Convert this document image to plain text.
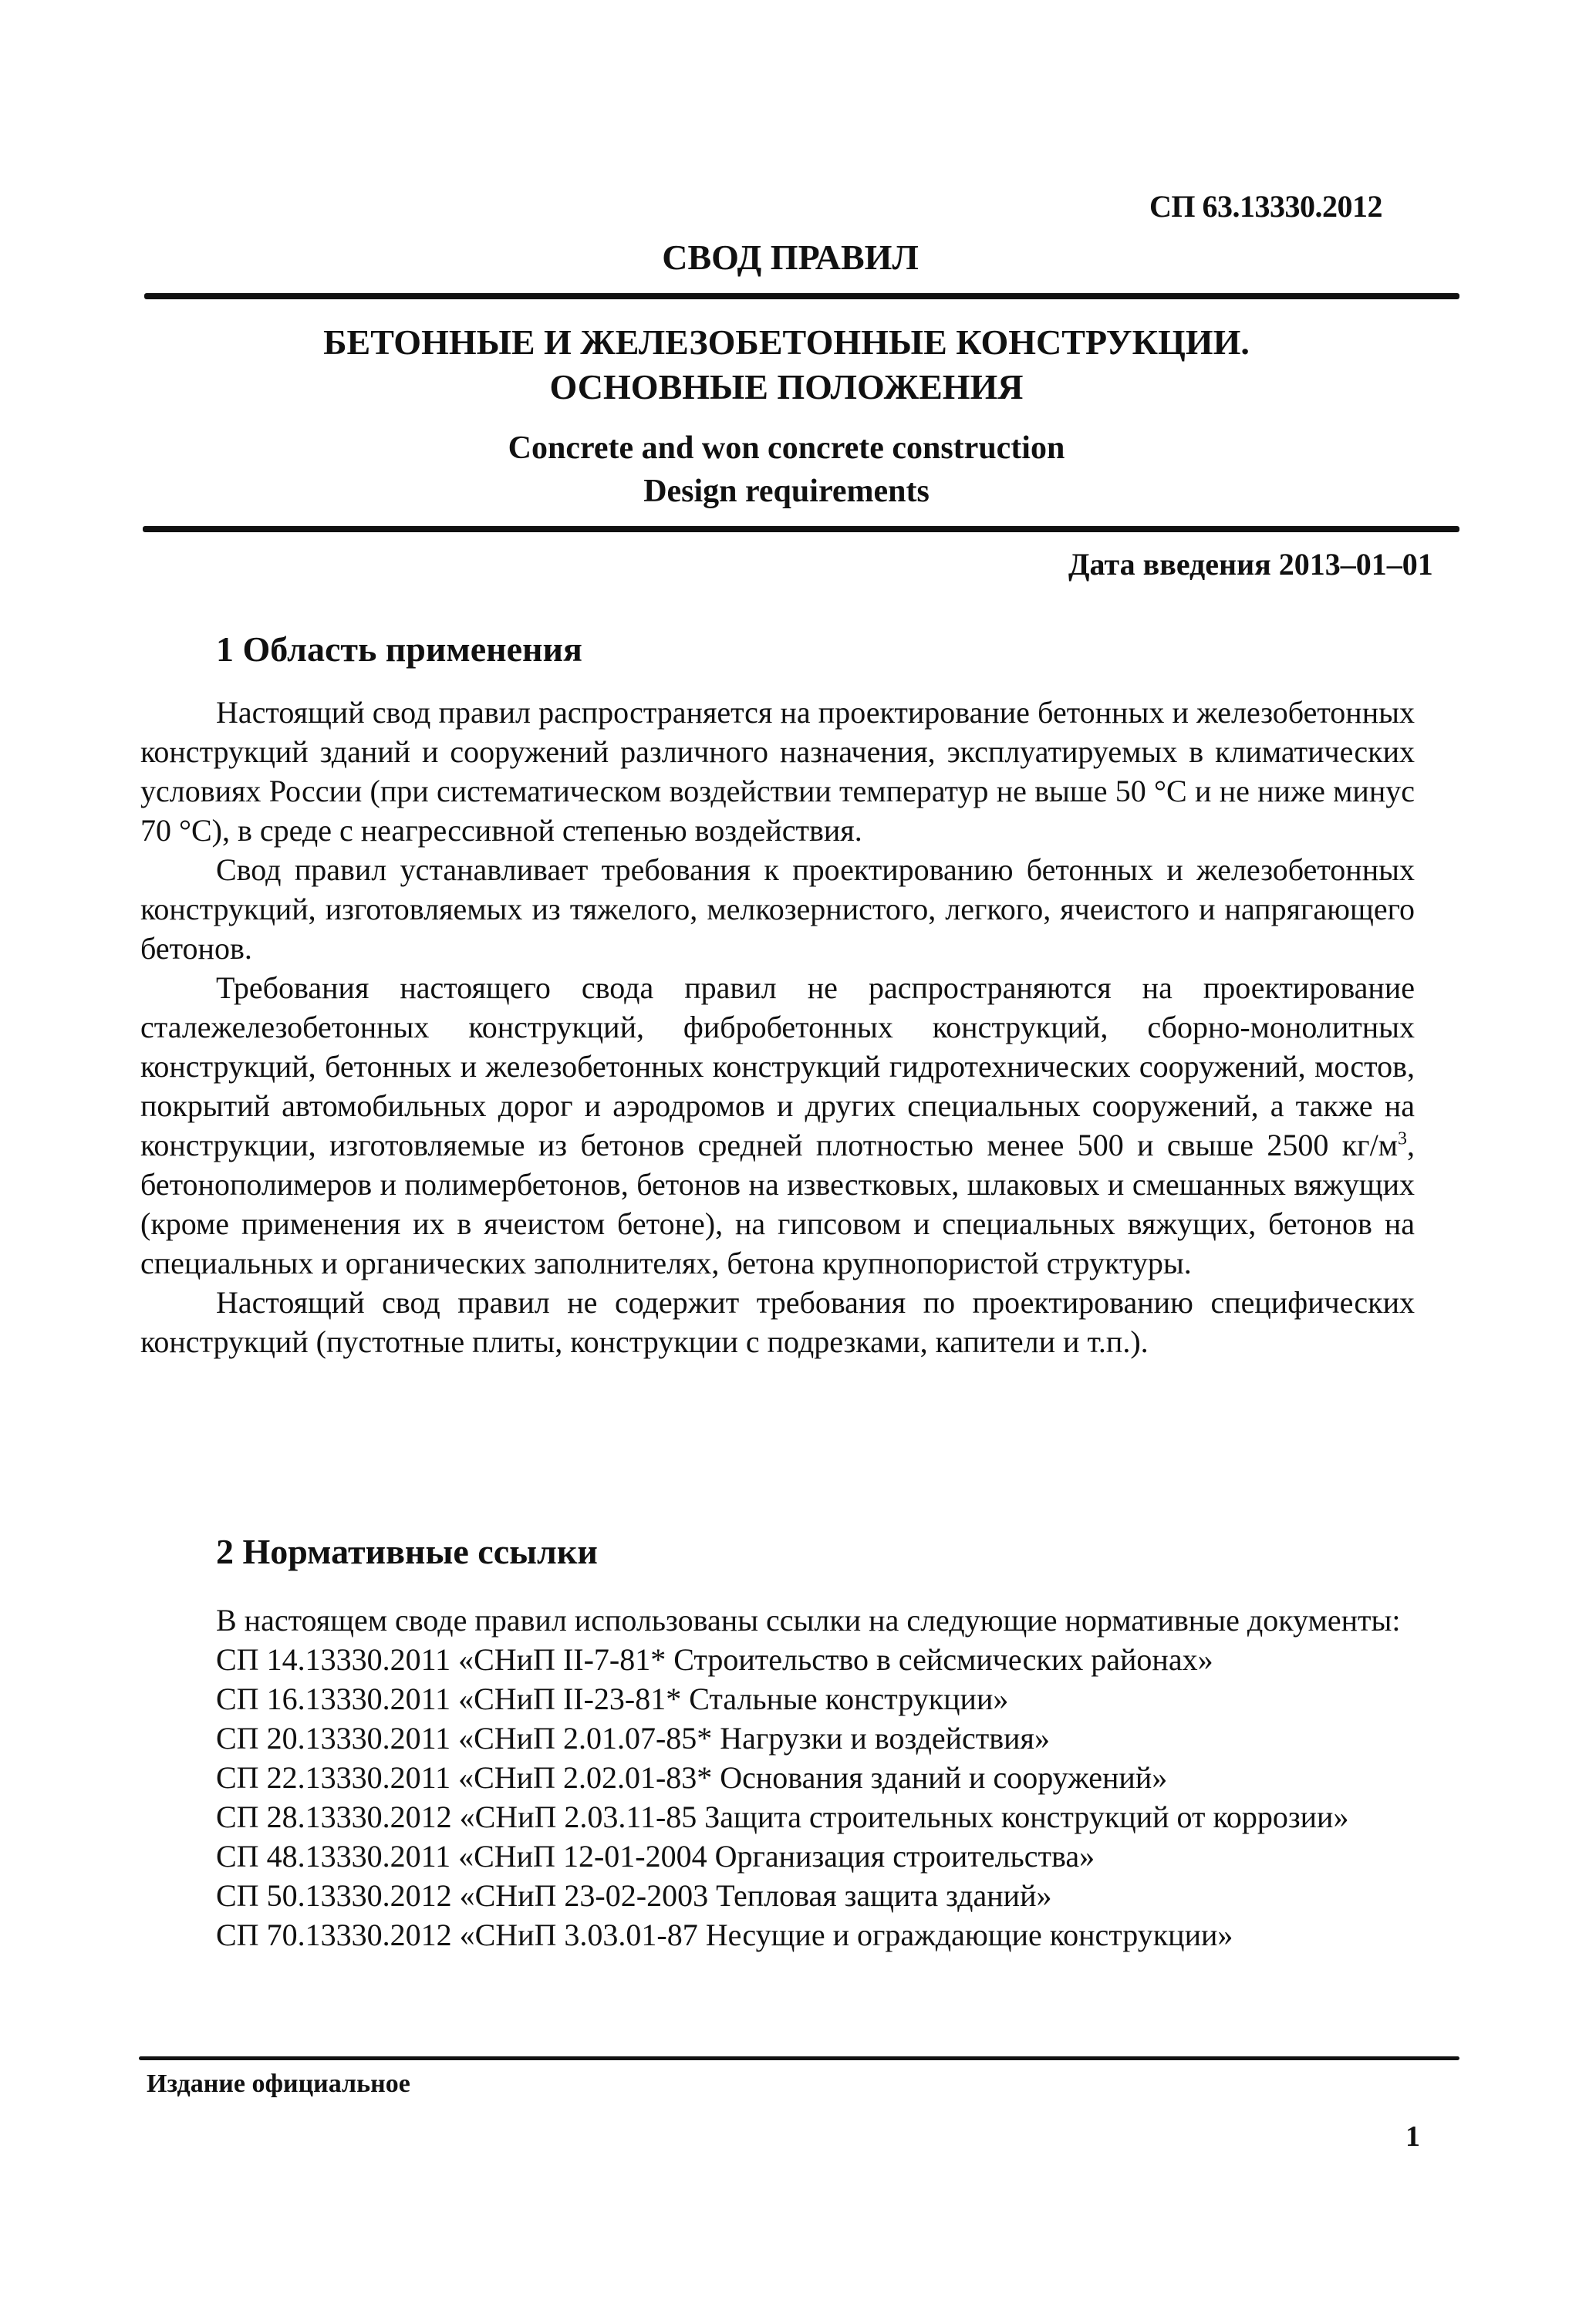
СП 63.13330.2012
СВОД ПРАВИЛ
БЕТОННЫЕ И ЖЕЛЕЗОБЕТОННЫЕ КОНСТРУКЦИИ.
ОСНОВНЫЕ ПОЛОЖЕНИЯ
Concrete and won concrete construction
Design requirements
Дата введения 2013–01–01
1 Область применения

Настоящий свод правил распространяется на проектирование бетонных и железобетонных конструкций зданий и сооружений различного назначения, эксплуатируемых в климатических условиях России (при систематическом воздействии температур не выше 50 °С и не ниже минус 70 °С), в среде с неагрессивной степенью воздействия.

Свод правил устанавливает требования к проектированию бетонных и железобетонных конструкций, изготовляемых из тяжелого, мелкозернистого, легкого, ячеистого и напрягающего бетонов.

Требования настоящего свода правил не распространяются на проектирование сталежелезобетонных конструкций, фибробетонных конструкций, сборно-монолитных конструкций, бетонных и железобетонных конструкций гидротехнических сооружений, мостов, покрытий автомобильных дорог и аэродромов и других специальных сооружений, а также на конструкции, изготовляемые из бетонов средней плотностью менее 500 и свыше 2500 $кг/м^3$, бетонополимеров и полимербетонов, бетонов на известковых, шлаковых и смешанных вяжущих (кроме применения их в ячеистом бетоне), на гипсовом и специальных вяжущих, бетонов на специальных и органических заполнителях, бетона крупнопористой структуры.

Настоящий свод правил не содержит требования по проектированию специфических конструкций (пустотные плиты, конструкции с подрезками, капители и т.п.).

2 Нормативные ссылки

В настоящем своде правил использованы ссылки на следующие нормативные документы:

СП 14.13330.2011 «СНиП II-7-81* Строительство в сейсмических районах»

СП 16.13330.2011 «СНиП II-23-81* Стальные конструкции»

СП 20.13330.2011 «СНиП 2.01.07-85* Нагрузки и воздействия»

СП 22.13330.2011 «СНиП 2.02.01-83* Основания зданий и сооружений»

СП 28.13330.2012 «СНиП 2.03.11-85 Защита строительных конструкций от коррозии»

СП 48.13330.2011 «СНиП 12-01-2004 Организация строительства»

СП 50.13330.2012 «СНиП 23-02-2003 Тепловая защита зданий»

СП 70.13330.2012 «СНиП 3.03.01-87 Несущие и ограждающие конструкции»

Издание официальное
1
